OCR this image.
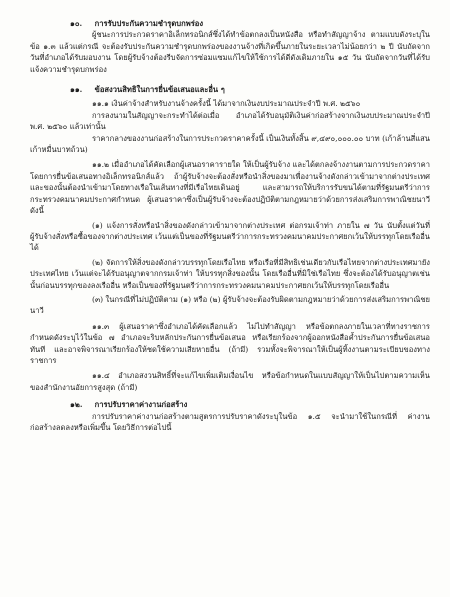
๑๐. การรับประกันความชำรุดบกพร่อง

ผู้ชนะการประกวดราคาอิเล็กทรอนิกส์ซึ่งได้ทำข้อตกลงเป็นหนังสือ หรือทำสัญญาจ้าง ตามแบบดังระบุในข้อ ๑.๓ แล้วแต่กรณี จะต้องรับประกันความชำรุดบกพร่องของงานจ้างที่เกิดขึ้นภายในระยะเวลาไม่น้อยกว่า ๒ ปี นับถัดจากวันที่อำเภอได้รับมอบงาน โดยผู้รับจ้างต้องรีบจัดการซ่อมแซมแก้ไขให้ใช้การได้ดีดังเดิมภายใน ๑๕ วัน นับถัดจากวันที่ได้รับแจ้งความชำรุดบกพร่อง

๑๑. ข้อสงวนสิทธิในการยื่นข้อเสนอและอื่น ๆ

๑๑.๑ เงินค่าจ้างสำหรับงานจ้างครั้งนี้ ได้มาจากเงินงบประมาณประจำปี พ.ศ. ๒๕๖๐

การลงนามในสัญญาจะกระทำได้ต่อเมื่อ อำเภอได้รับอนุมัติเงินค่าก่อสร้างจากเงินงบประมาณประจำปี พ.ศ. ๒๕๖๐ แล้วเท่านั้น

ราคากลางของงานก่อสร้างในการประกวดราคาครั้งนี้ เป็นเงินทั้งสิ้น ๙,๔๙๐,๐๐๐.๐๐ บาท (เก้าล้านสี่แสนเก้าหมื่นบาทถ้วน)

๑๑.๒ เมื่ออำเภอได้คัดเลือกผู้เสนอราคารายใด ให้เป็นผู้รับจ้าง และได้ตกลงจ้างงานตามการประกวดราคาโดยการยื่นข้อเสนอทางอิเล็กทรอนิกส์แล้ว ถ้าผู้รับจ้างจะต้องสั่งหรือนำสิ่งของมาเพื่องานจ้างดังกล่าวเข้ามาจากต่างประเทศ และของนั้นต้องนำเข้ามาโดยทางเรือในเส้นทางที่มีเรือไทยเดินอยู่ และสามารถให้บริการรับขนได้ตามที่รัฐมนตรีว่าการกระทรวงคมนาคมประกาศกำหนด ผู้เสนอราคาซึ่งเป็นผู้รับจ้างจะต้องปฏิบัติตามกฎหมายว่าด้วยการส่งเสริมการพาณิชยนาวี ดังนี้

(๑) แจ้งการสั่งหรือนำสิ่งของดังกล่าวเข้ามาจากต่างประเทศ ต่อกรมเจ้าท่า ภายใน ๗ วัน นับตั้งแต่วันที่ผู้รับจ้างสั่งหรือซื้อของจากต่างประเทศ เว้นแต่เป็นของที่รัฐมนตรีว่าการกระทรวงคมนาคมประกาศยกเว้นให้บรรทุกโดยเรืออื่นได้

(๒) จัดการให้สิ่งของดังกล่าวบรรทุกโดยเรือไทย หรือเรือที่มีสิทธิเช่นเดียวกับเรือไทยจากต่างประเทศมายังประเทศไทย เว้นแต่จะได้รับอนุญาตจากกรมเจ้าท่า ให้บรรทุกสิ่งของนั้น โดยเรืออื่นที่มิใช่เรือไทย ซึ่งจะต้องได้รับอนุญาตเช่นนั้นก่อนบรรทุกของลงเรืออื่น หรือเป็นของที่รัฐมนตรีว่าการกระทรวงคมนาคมประกาศยกเว้นให้บรรทุกโดยเรืออื่น

(๓) ในกรณีที่ไม่ปฏิบัติตาม (๑) หรือ (๒) ผู้รับจ้างจะต้องรับผิดตามกฎหมายว่าด้วยการส่งเสริมการพาณิชยนาวี

๑๑.๓ ผู้เสนอราคาซึ่งอำเภอได้คัดเลือกแล้ว ไม่ไปทำสัญญา หรือข้อตกลงภายในเวลาที่ทางราชการกำหนดดังระบุไว้ในข้อ ๗ อำเภอจะริบหลักประกันการยื่นข้อเสนอ หรือเรียกร้องจากผู้ออกหนังสือค้ำประกันการยื่นข้อเสนอทันที และอาจพิจารณาเรียกร้องให้ชดใช้ความเสียหายอื่น (ถ้ามี) รวมทั้งจะพิจารณาให้เป็นผู้ทิ้งงานตามระเบียบของทางราชการ

๑๑.๔ อำเภอสงวนสิทธิ์ที่จะแก้ไขเพิ่มเติมเงื่อนไข หรือข้อกำหนดในแบบสัญญาให้เป็นไปตามความเห็นของสำนักงานอัยการสูงสุด (ถ้ามี)

๑๒. การปรับราคาค่างานก่อสร้าง

การปรับราคาค่างานก่อสร้างตามสูตรการปรับราคาดังระบุในข้อ ๑.๕ จะนำมาใช้ในกรณีที่ ค่างานก่อสร้างลดลงหรือเพิ่มขึ้น โดยวิธีการต่อไปนี้
